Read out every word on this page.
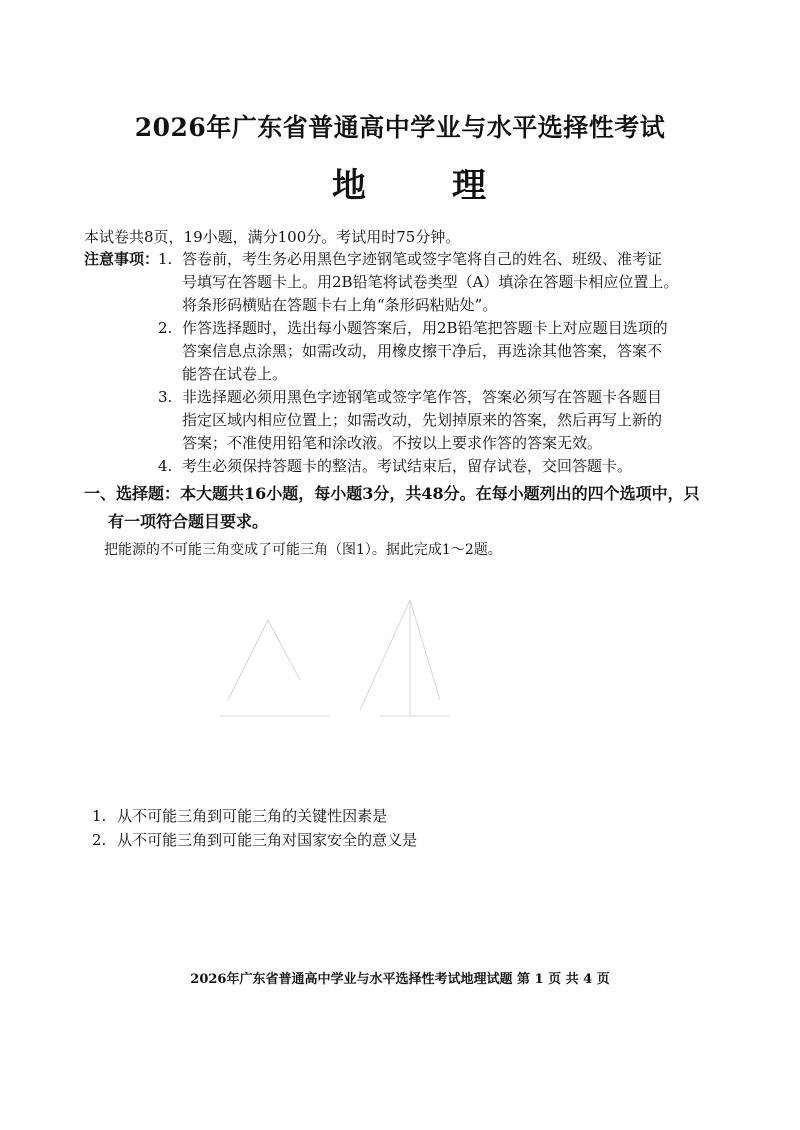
2026年广东省普通高中学业与水平选择性考试
地　理
本试卷共8页，19小题，满分100分。考试用时75分钟。
注意事项：
1. 答卷前，考生务必用黑色字迹钢笔或签字笔将自己的姓名、班级、准考证
号填写在答题卡上。用2B铅笔将试卷类型（A）填涂在答题卡相应位置上。
将条形码横贴在答题卡右上角“条形码粘贴处”。
2. 作答选择题时，选出每小题答案后，用2B铅笔把答题卡上对应题目选项的
答案信息点涂黑；如需改动，用橡皮擦干净后，再选涂其他答案，答案不
能答在试卷上。
3. 非选择题必须用黑色字迹钢笔或签字笔作答，答案必须写在答题卡各题目
指定区域内相应位置上；如需改动，先划掉原来的答案，然后再写上新的
答案；不准使用铅笔和涂改液。不按以上要求作答的答案无效。
4. 考生必须保持答题卡的整洁。考试结束后，留存试卷，交回答题卡。
一、选择题：本大题共16小题，每小题3分，共48分。在每小题列出的四个选项中，只
有一项符合题目要求。
把能源的不可能三角变成了可能三角（图1）。据此完成1～2题。
1. 从不可能三角到可能三角的关键性因素是
2. 从不可能三角到可能三角对国家安全的意义是
2026年广东省普通高中学业与水平选择性考试地理试题 第 1 页 共 4 页
